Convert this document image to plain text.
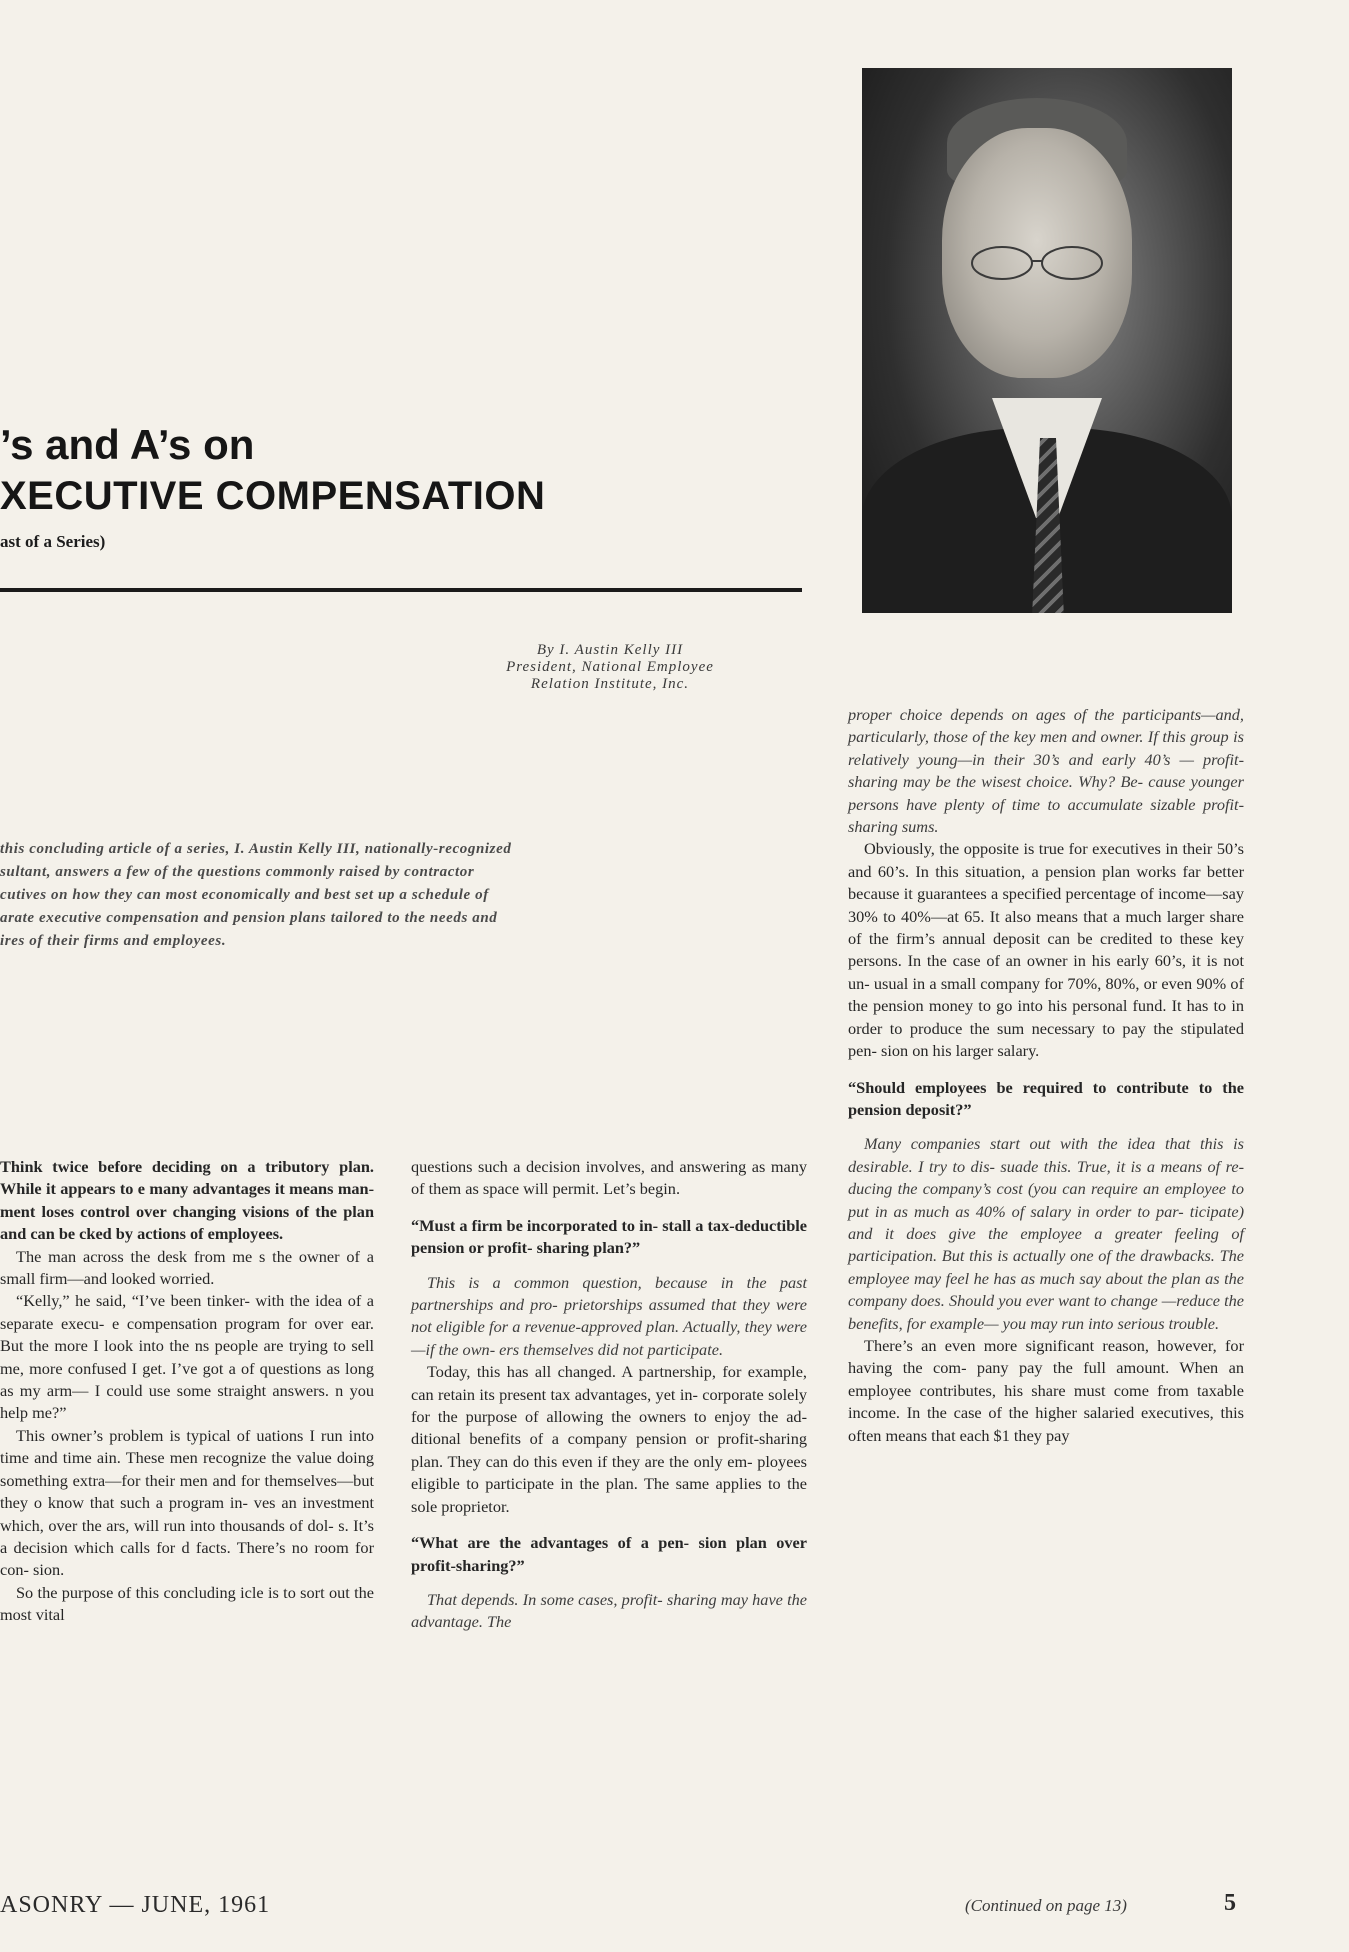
’s and A’s on
XECUTIVE COMPENSATION
ast of a Series)
By I. Austin Kelly III
President, National Employee
Relation Institute, Inc.
this concluding article of a series, I. Austin Kelly III, nationally-recognized
sultant, answers a few of the questions commonly raised by contractor
cutives on how they can most economically and best set up a schedule of
arate executive compensation and pension plans tailored to the needs and
ires of their firms and employees.

Think twice before deciding on a tributory plan. While it appears to e many advantages it means man- ment loses control over changing visions of the plan and can be cked by actions of employees.

The man across the desk from me s the owner of a small firm—and looked worried.

“Kelly,” he said, “I’ve been tinker- with the idea of a separate execu- e compensation program for over ear. But the more I look into the ns people are trying to sell me, more confused I get. I’ve got a of questions as long as my arm— I could use some straight answers. n you help me?”

This owner’s problem is typical of uations I run into time and time ain. These men recognize the value doing something extra—for their men and for themselves—but they o know that such a program in- ves an investment which, over the ars, will run into thousands of dol- s. It’s a decision which calls for d facts. There’s no room for con- sion.

So the purpose of this concluding icle is to sort out the most vital

questions such a decision involves, and answering as many of them as space will permit. Let’s begin.

“Must a firm be incorporated to in- stall a tax-deductible pension or profit- sharing plan?”

This is a common question, because in the past partnerships and pro- prietorships assumed that they were not eligible for a revenue-approved plan. Actually, they were—if the own- ers themselves did not participate.

Today, this has all changed. A partnership, for example, can retain its present tax advantages, yet in- corporate solely for the purpose of allowing the owners to enjoy the ad- ditional benefits of a company pension or profit-sharing plan. They can do this even if they are the only em- ployees eligible to participate in the plan. The same applies to the sole proprietor.

“What are the advantages of a pen- sion plan over profit-sharing?”

That depends. In some cases, profit- sharing may have the advantage. The

proper choice depends on ages of the participants—and, particularly, those of the key men and owner. If this group is relatively young—in their 30’s and early 40’s — profit-sharing may be the wisest choice. Why? Be- cause younger persons have plenty of time to accumulate sizable profit- sharing sums.

Obviously, the opposite is true for executives in their 50’s and 60’s. In this situation, a pension plan works far better because it guarantees a specified percentage of income—say 30% to 40%—at 65. It also means that a much larger share of the firm’s annual deposit can be credited to these key persons. In the case of an owner in his early 60’s, it is not un- usual in a small company for 70%, 80%, or even 90% of the pension money to go into his personal fund. It has to in order to produce the sum necessary to pay the stipulated pen- sion on his larger salary.

“Should employees be required to contribute to the pension deposit?”

Many companies start out with the idea that this is desirable. I try to dis- suade this. True, it is a means of re- ducing the company’s cost (you can require an employee to put in as much as 40% of salary in order to par- ticipate) and it does give the employee a greater feeling of participation. But this is actually one of the drawbacks. The employee may feel he has as much say about the plan as the company does. Should you ever want to change —reduce the benefits, for example— you may run into serious trouble.

There’s an even more significant reason, however, for having the com- pany pay the full amount. When an employee contributes, his share must come from taxable income. In the case of the higher salaried executives, this often means that each $1 they pay

(Continued on page 13)
ASONRY — JUNE, 1961	5
